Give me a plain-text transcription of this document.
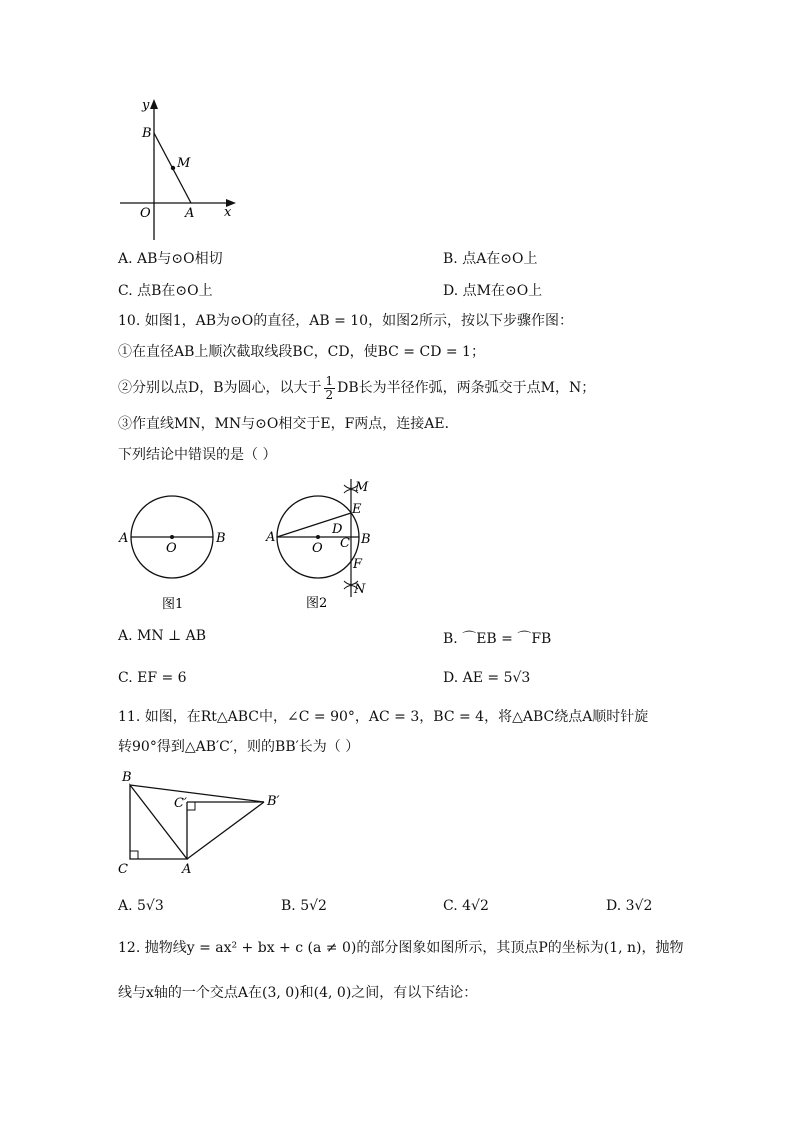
y
B
M
O	A x
A. AB与⊙O相切	B. 点A在⊙O上
C. 点B在⊙O上	D. 点M在⊙O上
10. 如图1，AB为⊙O的直径，AB = 10，如图2所示，按以下步骤作图：
①在直径AB上顺次截取线段BC，CD，使BC = CD = 1；
②分别以点D，B为圆心，以大于 $\frac{1}{2}$ DB长为半径作弧，两条弧交于点M，N；
③作直线MN，MN与⊙O相交于E，F两点，连接AE．
下列结论中错误的是（ ）
A
O
B
图1
M
E
D
C
A
O
B
F
N
图2
A. MN ⊥ AB	B. ⌒EB = ⌒FB
C. EF = 6	D. AE = 5√3
11. 如图，在Rt△ABC中，∠C = 90°，AC = 3，BC = 4，将△ABC绕点A顺时针旋
转90°得到△AB′C′，则的BB′长为（ ）
B
C′	B′
C	A
A. 5√3	B. 5√2	C. 4√2	D. 3√2
12. 抛物线y = ax² + bx + c (a ≠ 0)的部分图象如图所示，其顶点P的坐标为(1, n)，抛物
线与x轴的一个交点A在(3, 0)和(4, 0)之间，有以下结论：
